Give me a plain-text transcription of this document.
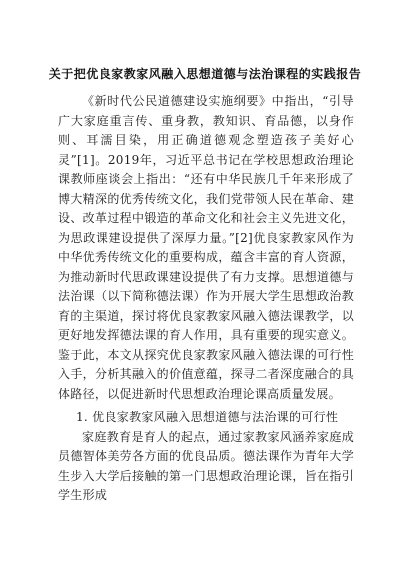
关于把优良家教家风融入思想道德与法治课程的实践报告

《新时代公民道德建设实施纲要》中指出，“引导广大家庭重言传、重身教，教知识、育品德，以身作则、耳濡目染，用正确道德观念塑造孩子美好心灵”[1]。2019年，习近平总书记在学校思想政治理论课教师座谈会上指出：“还有中华民族几千年来形成了博大精深的优秀传统文化，我们党带领人民在革命、建设、改革过程中锻造的革命文化和社会主义先进文化，为思政课建设提供了深厚力量。”[2]优良家教家风作为中华优秀传统文化的重要构成，蕴含丰富的育人资源，为推动新时代思政课建设提供了有力支撑。思想道德与法治课（以下简称德法课）作为开展大学生思想政治教育的主渠道，探讨将优良家教家风融入德法课教学，以更好地发挥德法课的育人作用，具有重要的现实意义。鉴于此，本文从探究优良家教家风融入德法课的可行性入手，分析其融入的价值意蕴，探寻二者深度融合的具体路径，以促进新时代思想政治理论课高质量发展。

1. 优良家教家风融入思想道德与法治课的可行性

家庭教育是育人的起点，通过家教家风涵养家庭成员德智体美劳各方面的优良品质。德法课作为青年大学生步入大学后接触的第一门思想政治理论课，旨在指引学生形成
